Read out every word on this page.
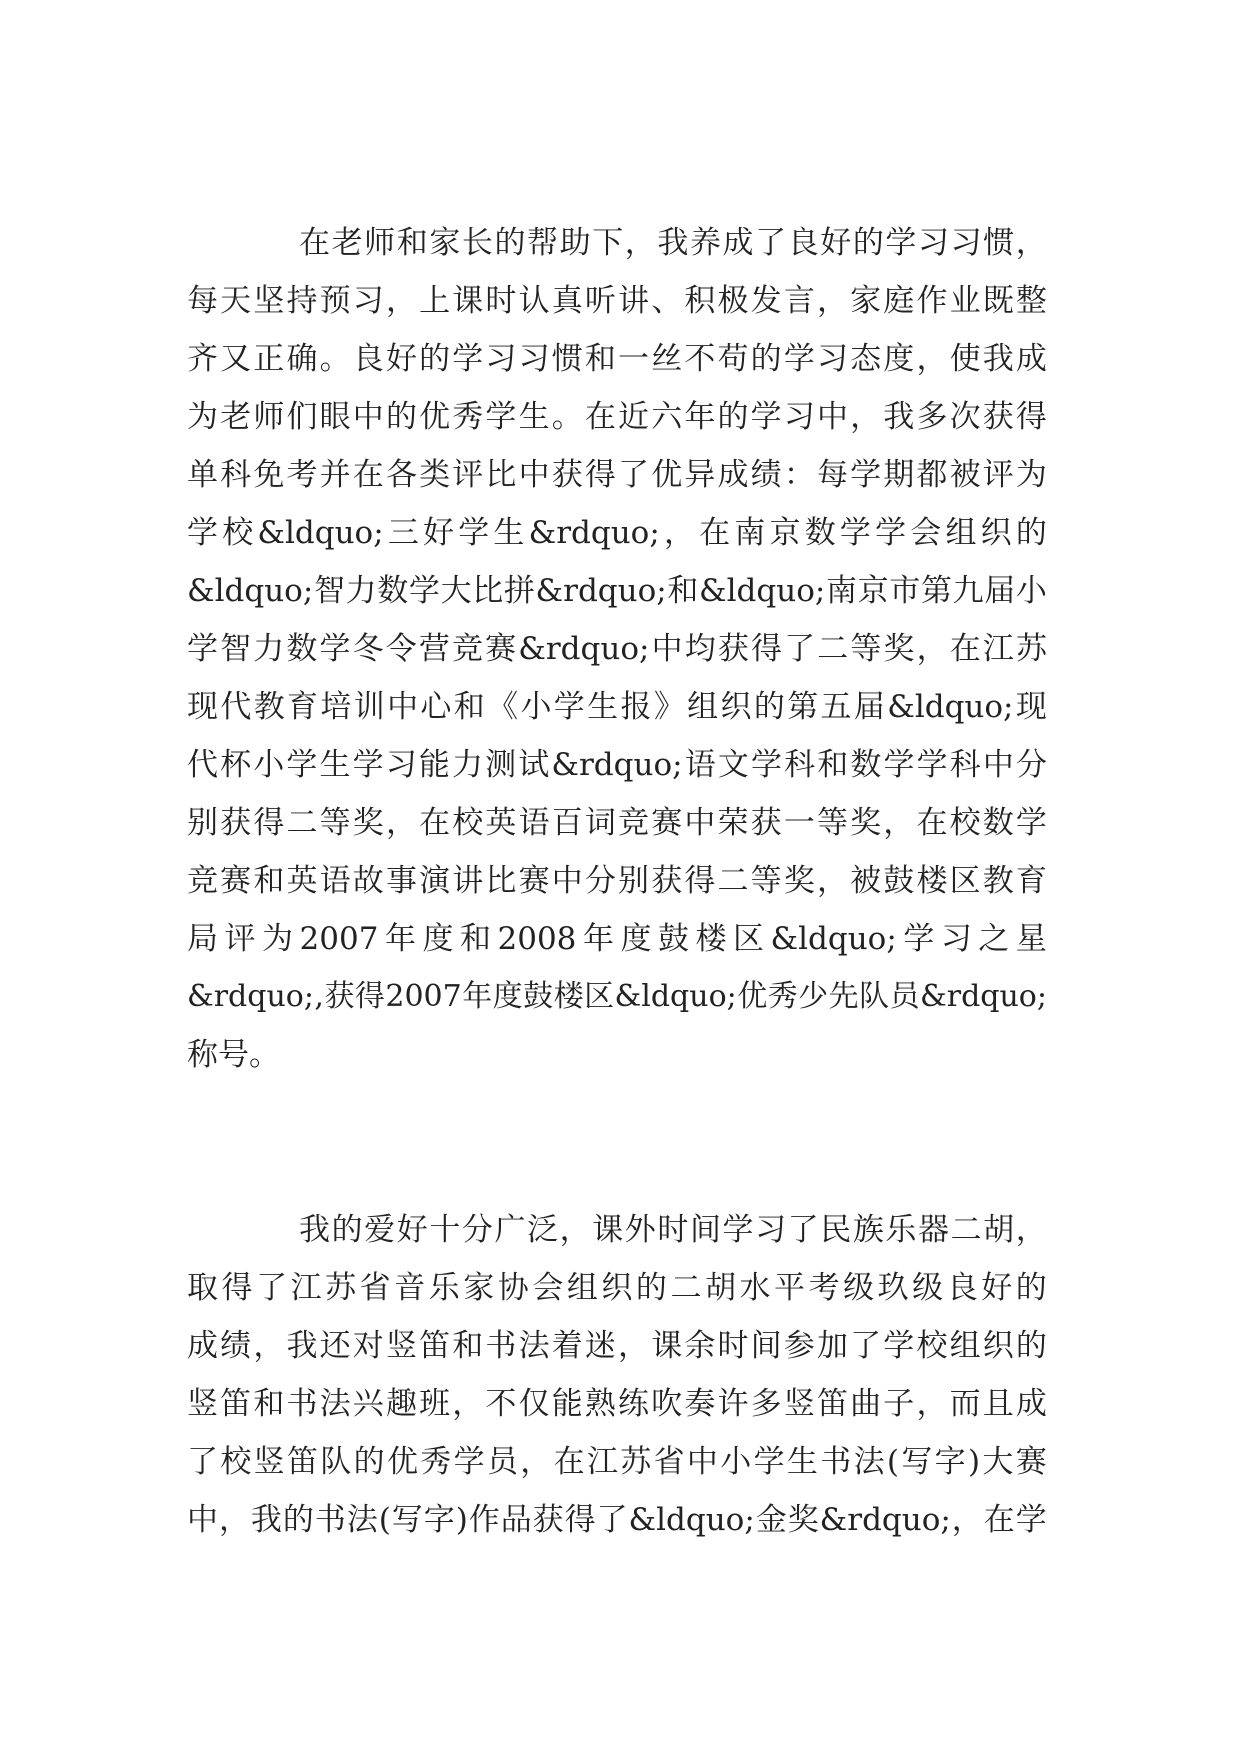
在 老 师 和 家 长 的 帮 助 下 ， 我 养 成 了 良 好 的 学 习 习 惯 ，
每 天 坚 持 预 习 ， 上 课 时 认 真 听 讲 、 积 极 发 言 ， 家 庭 作 业 既 整
齐 又 正 确 。 良 好 的 学 习 习 惯 和 一 丝 不 苟 的 学 习 态 度 ， 使 我 成
为 老 师 们 眼 中 的 优 秀 学 生 。 在 近 六 年 的 学 习 中 ， 我 多 次 获 得
单 科 免 考 并 在 各 类 评 比 中 获 得 了 优 异 成 绩 ： 每 学 期 都 被 评 为
学 校 &ldquo; 三 好 学 生 &rdquo; ， 在 南 京 数 学 学 会 组 织 的
&ldquo; 智 力 数 学 大 比 拼 &rdquo; 和 &ldquo; 南 京 市 第 九 届 小
学 智 力 数 学 冬 令 营 竞 赛 &rdquo; 中 均 获 得 了 二 等 奖 ， 在 江 苏
现 代 教 育 培 训 中 心 和 《 小 学 生 报 》 组 织 的 第 五 届 &ldquo; 现
代 杯 小 学 生 学 习 能 力 测 试 &rdquo; 语 文 学 科 和 数 学 学 科 中 分
别 获 得 二 等 奖 ， 在 校 英 语 百 词 竞 赛 中 荣 获 一 等 奖 ， 在 校 数 学
竞 赛 和 英 语 故 事 演 讲 比 赛 中 分 别 获 得 二 等 奖 ， 被 鼓 楼 区 教 育
局 评 为 2007 年 度 和 2008 年 度 鼓 楼 区 &ldquo; 学 习 之 星
&rdquo; , 获 得 2007 年 度 鼓 楼 区 &ldquo; 优 秀 少 先 队 员 &rdquo;
称 号 。
我 的 爱 好 十 分 广 泛 ， 课 外 时 间 学 习 了 民 族 乐 器 二 胡 ，
取 得 了 江 苏 省 音 乐 家 协 会 组 织 的 二 胡 水 平 考 级 玖 级 良 好 的
成 绩 ， 我 还 对 竖 笛 和 书 法 着 迷 ， 课 余 时 间 参 加 了 学 校 组 织 的
竖 笛 和 书 法 兴 趣 班 ， 不 仅 能 熟 练 吹 奏 许 多 竖 笛 曲 子 ， 而 且 成
了 校 竖 笛 队 的 优 秀 学 员 ， 在 江 苏 省 中 小 学 生 书 法 ( 写 字 ) 大 赛
中 ， 我 的 书 法 ( 写 字 ) 作 品 获 得 了 &ldquo; 金 奖 &rdquo; ， 在 学
